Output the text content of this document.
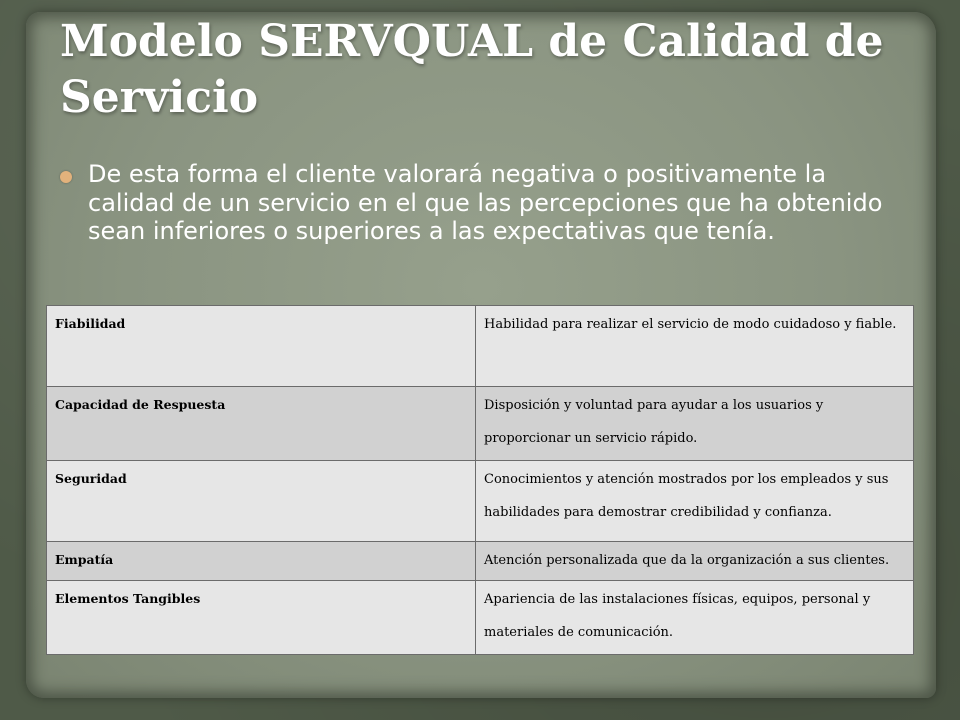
Modelo SERVQUAL de Calidad de Servicio

De esta forma el cliente valorará negativa o positivamente la calidad de un servicio en el que las percepciones que ha obtenido sean inferiores o superiores a las expectativas que tenía.

Fiabilidad	Habilidad para realizar el servicio de modo cuidadoso y fiable.
Capacidad de Respuesta	Disposición y voluntad para ayudar a los usuarios y proporcionar un servicio rápido.
Seguridad	Conocimientos y atención mostrados por los empleados y sus habilidades para demostrar credibilidad y confianza.
Empatía	Atención personalizada que da la organización a sus clientes.
Elementos Tangibles	Apariencia de las instalaciones físicas, equipos, personal y materiales de comunicación.
